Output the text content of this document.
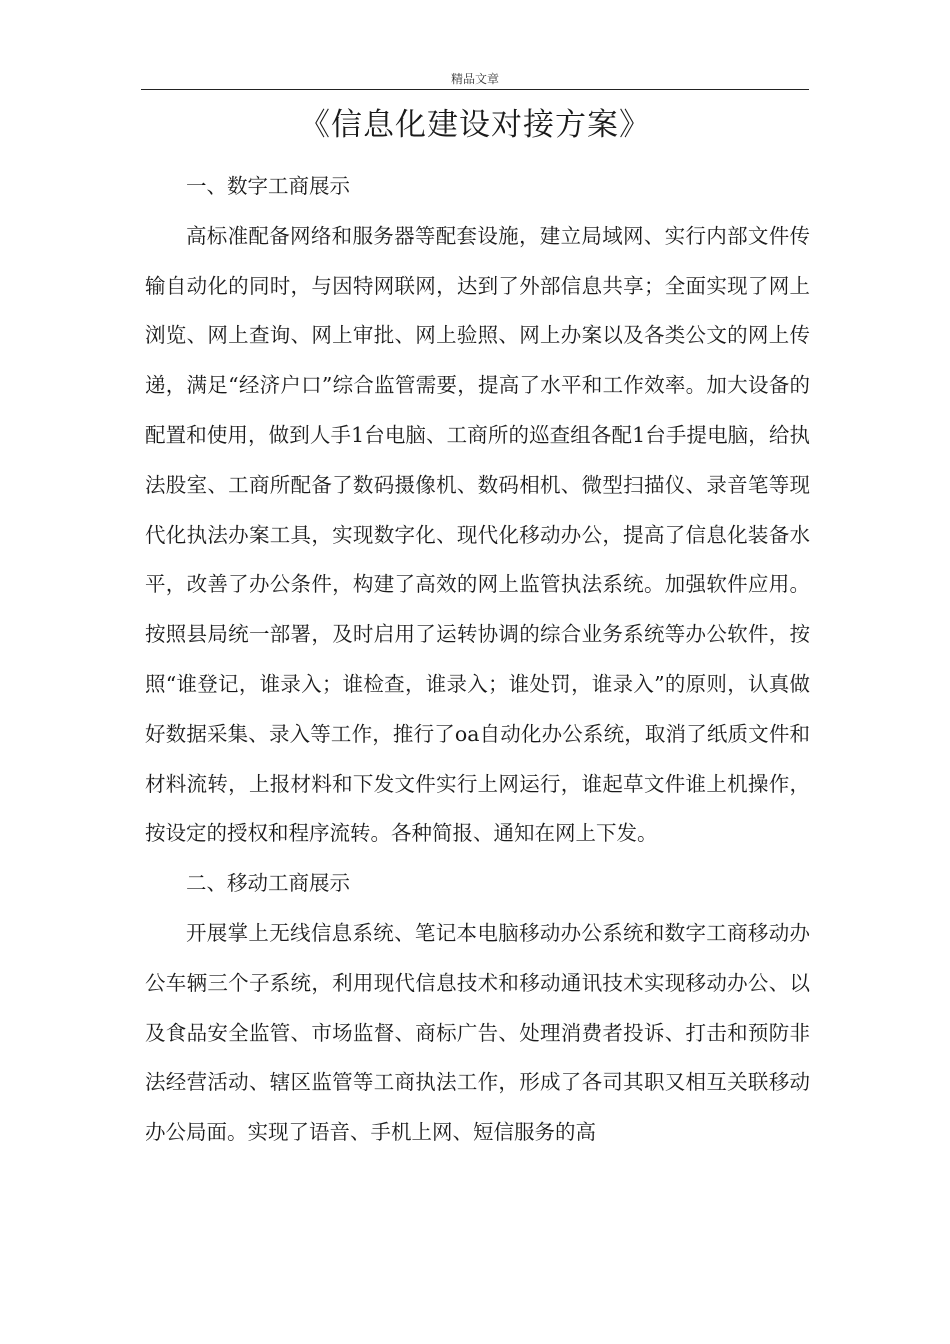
精品文章
《信息化建设对接方案》

一、数字工商展示

高标准配备网络和服务器等配套设施，建立局域网、实行内部文件传输自动化的同时，与因特网联网，达到了外部信息共享；全面实现了网上浏览、网上查询、网上审批、网上验照、网上办案以及各类公文的网上传递，满足“经济户口”综合监管需要，提高了水平和工作效率。加大设备的配置和使用，做到人手1台电脑、工商所的巡查组各配1台手提电脑，给执法股室、工商所配备了数码摄像机、数码相机、微型扫描仪、录音笔等现代化执法办案工具，实现数字化、现代化移动办公，提高了信息化装备水平，改善了办公条件，构建了高效的网上监管执法系统。加强软件应用。按照县局统一部署，及时启用了运转协调的综合业务系统等办公软件，按照“谁登记，谁录入；谁检查，谁录入；谁处罚，谁录入”的原则，认真做好数据采集、录入等工作，推行了oa自动化办公系统，取消了纸质文件和材料流转，上报材料和下发文件实行上网运行，谁起草文件谁上机操作，按设定的授权和程序流转。各种简报、通知在网上下发。

二、移动工商展示

开展掌上无线信息系统、笔记本电脑移动办公系统和数字工商移动办公车辆三个子系统，利用现代信息技术和移动通讯技术实现移动办公、以及食品安全监管、市场监督、商标广告、处理消费者投诉、打击和预防非法经营活动、辖区监管等工商执法工作，形成了各司其职又相互关联移动办公局面。实现了语音、手机上网、短信服务的高
